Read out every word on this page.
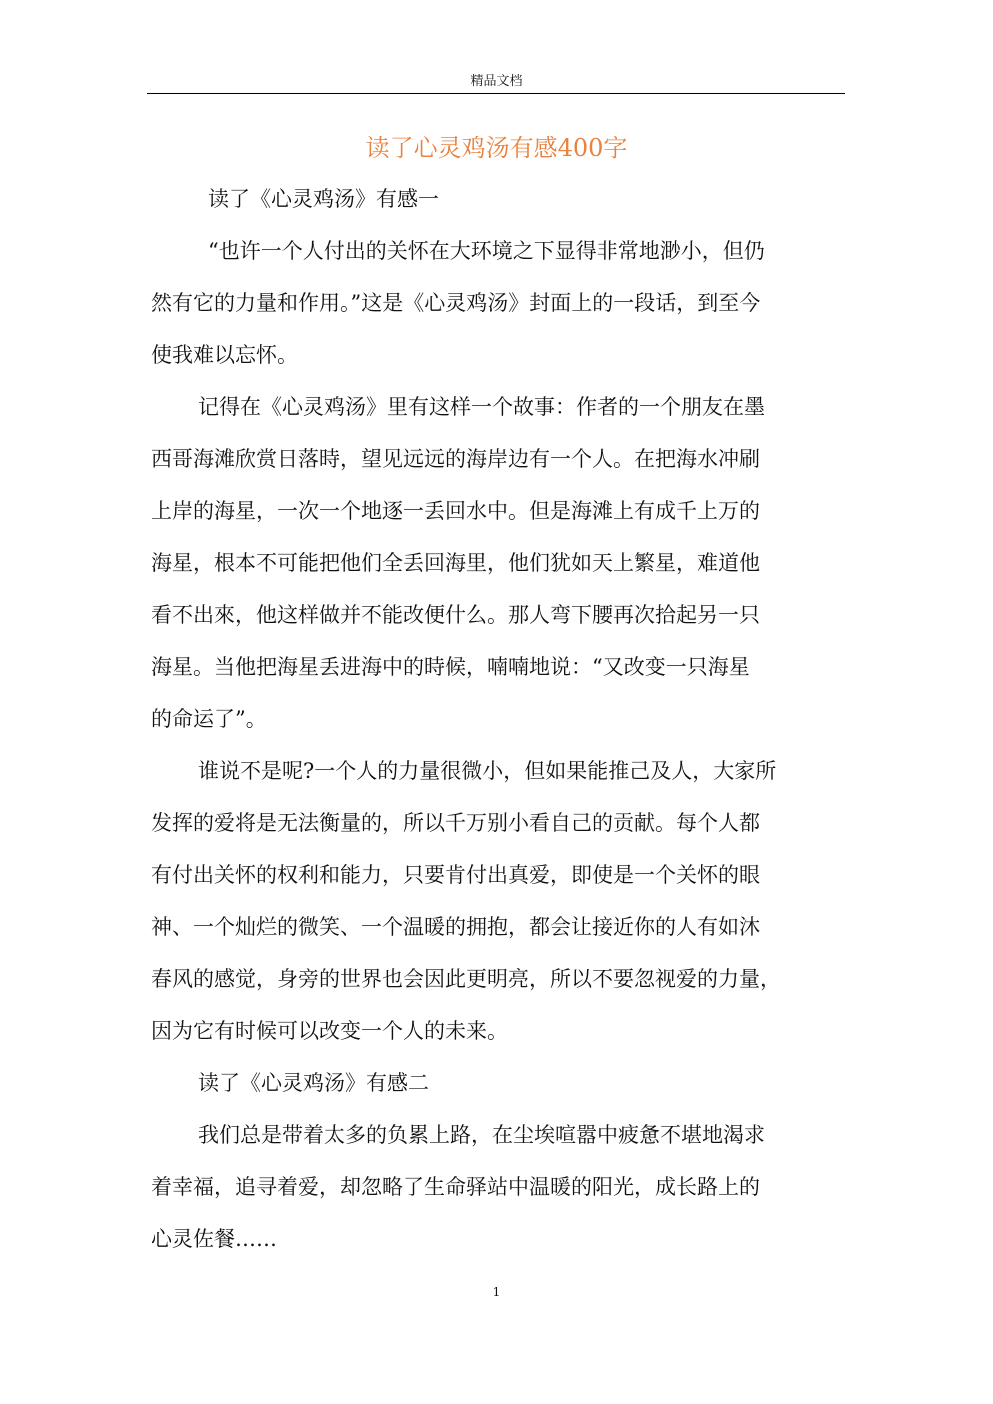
精品文档
读了心灵鸡汤有感400字
读了《心灵鸡汤》有感一
“也许一个人付出的关怀在大环境之下显得非常地渺小，但仍
然有它的力量和作用。”这是《心灵鸡汤》封面上的一段话，到至今
使我难以忘怀。
记得在《心灵鸡汤》里有这样一个故事：作者的一个朋友在墨
西哥海滩欣赏日落時，望见远远的海岸边有一个人。在把海水冲刷
上岸的海星，一次一个地逐一丢回水中。但是海滩上有成千上万的
海星，根本不可能把他们全丢回海里，他们犹如天上繁星，难道他
看不出來，他这样做并不能改便什么。那人弯下腰再次拾起另一只
海星。当他把海星丢进海中的時候，喃喃地说：“又改变一只海星
的命运了”。
谁说不是呢?一个人的力量很微小，但如果能推己及人，大家所
发挥的爱将是无法衡量的，所以千万别小看自己的贡献。每个人都
有付出关怀的权利和能力，只要肯付出真爱，即使是一个关怀的眼
神、一个灿烂的微笑、一个温暖的拥抱，都会让接近你的人有如沐
春风的感觉，身旁的世界也会因此更明亮，所以不要忽视爱的力量，
因为它有时候可以改变一个人的未来。
读了《心灵鸡汤》有感二
我们总是带着太多的负累上路，在尘埃喧嚣中疲惫不堪地渴求
着幸福，追寻着爱，却忽略了生命驿站中温暖的阳光，成长路上的
心灵佐餐……
1
